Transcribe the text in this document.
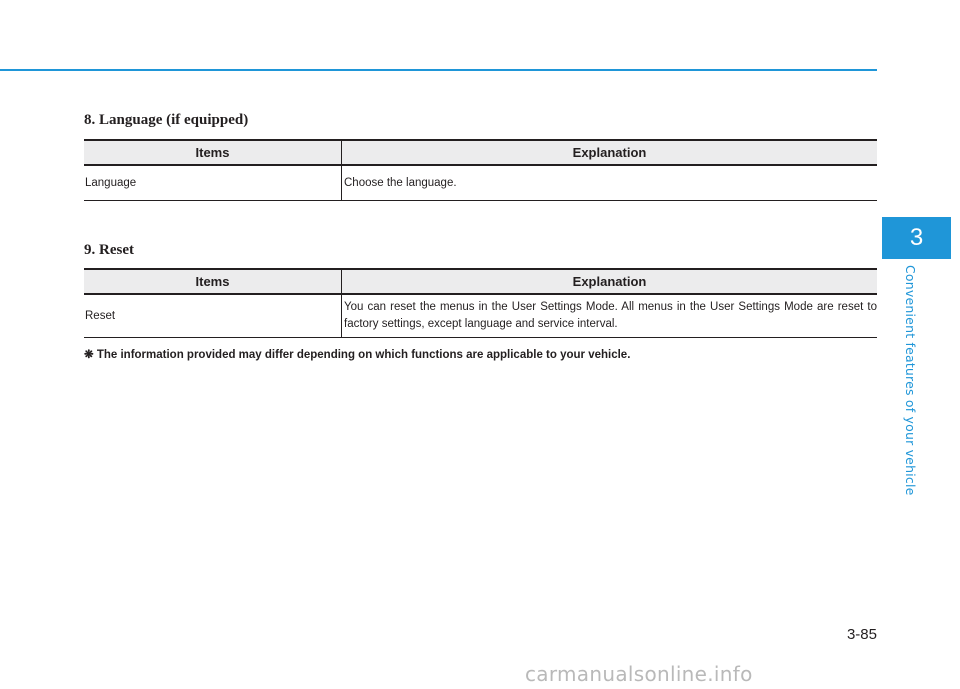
8. Language (if equipped)
Items	Explanation
Language	Choose the language.
9. Reset
Items	Explanation
Reset	You can reset the menus in the User Settings Mode. All menus in the User Settings Mode are reset to factory settings, except language and service interval.
❋ The information provided may differ depending on which functions are applicable to your vehicle.
3
Convenient features of your vehicle
3-85
carmanualsonline.info
